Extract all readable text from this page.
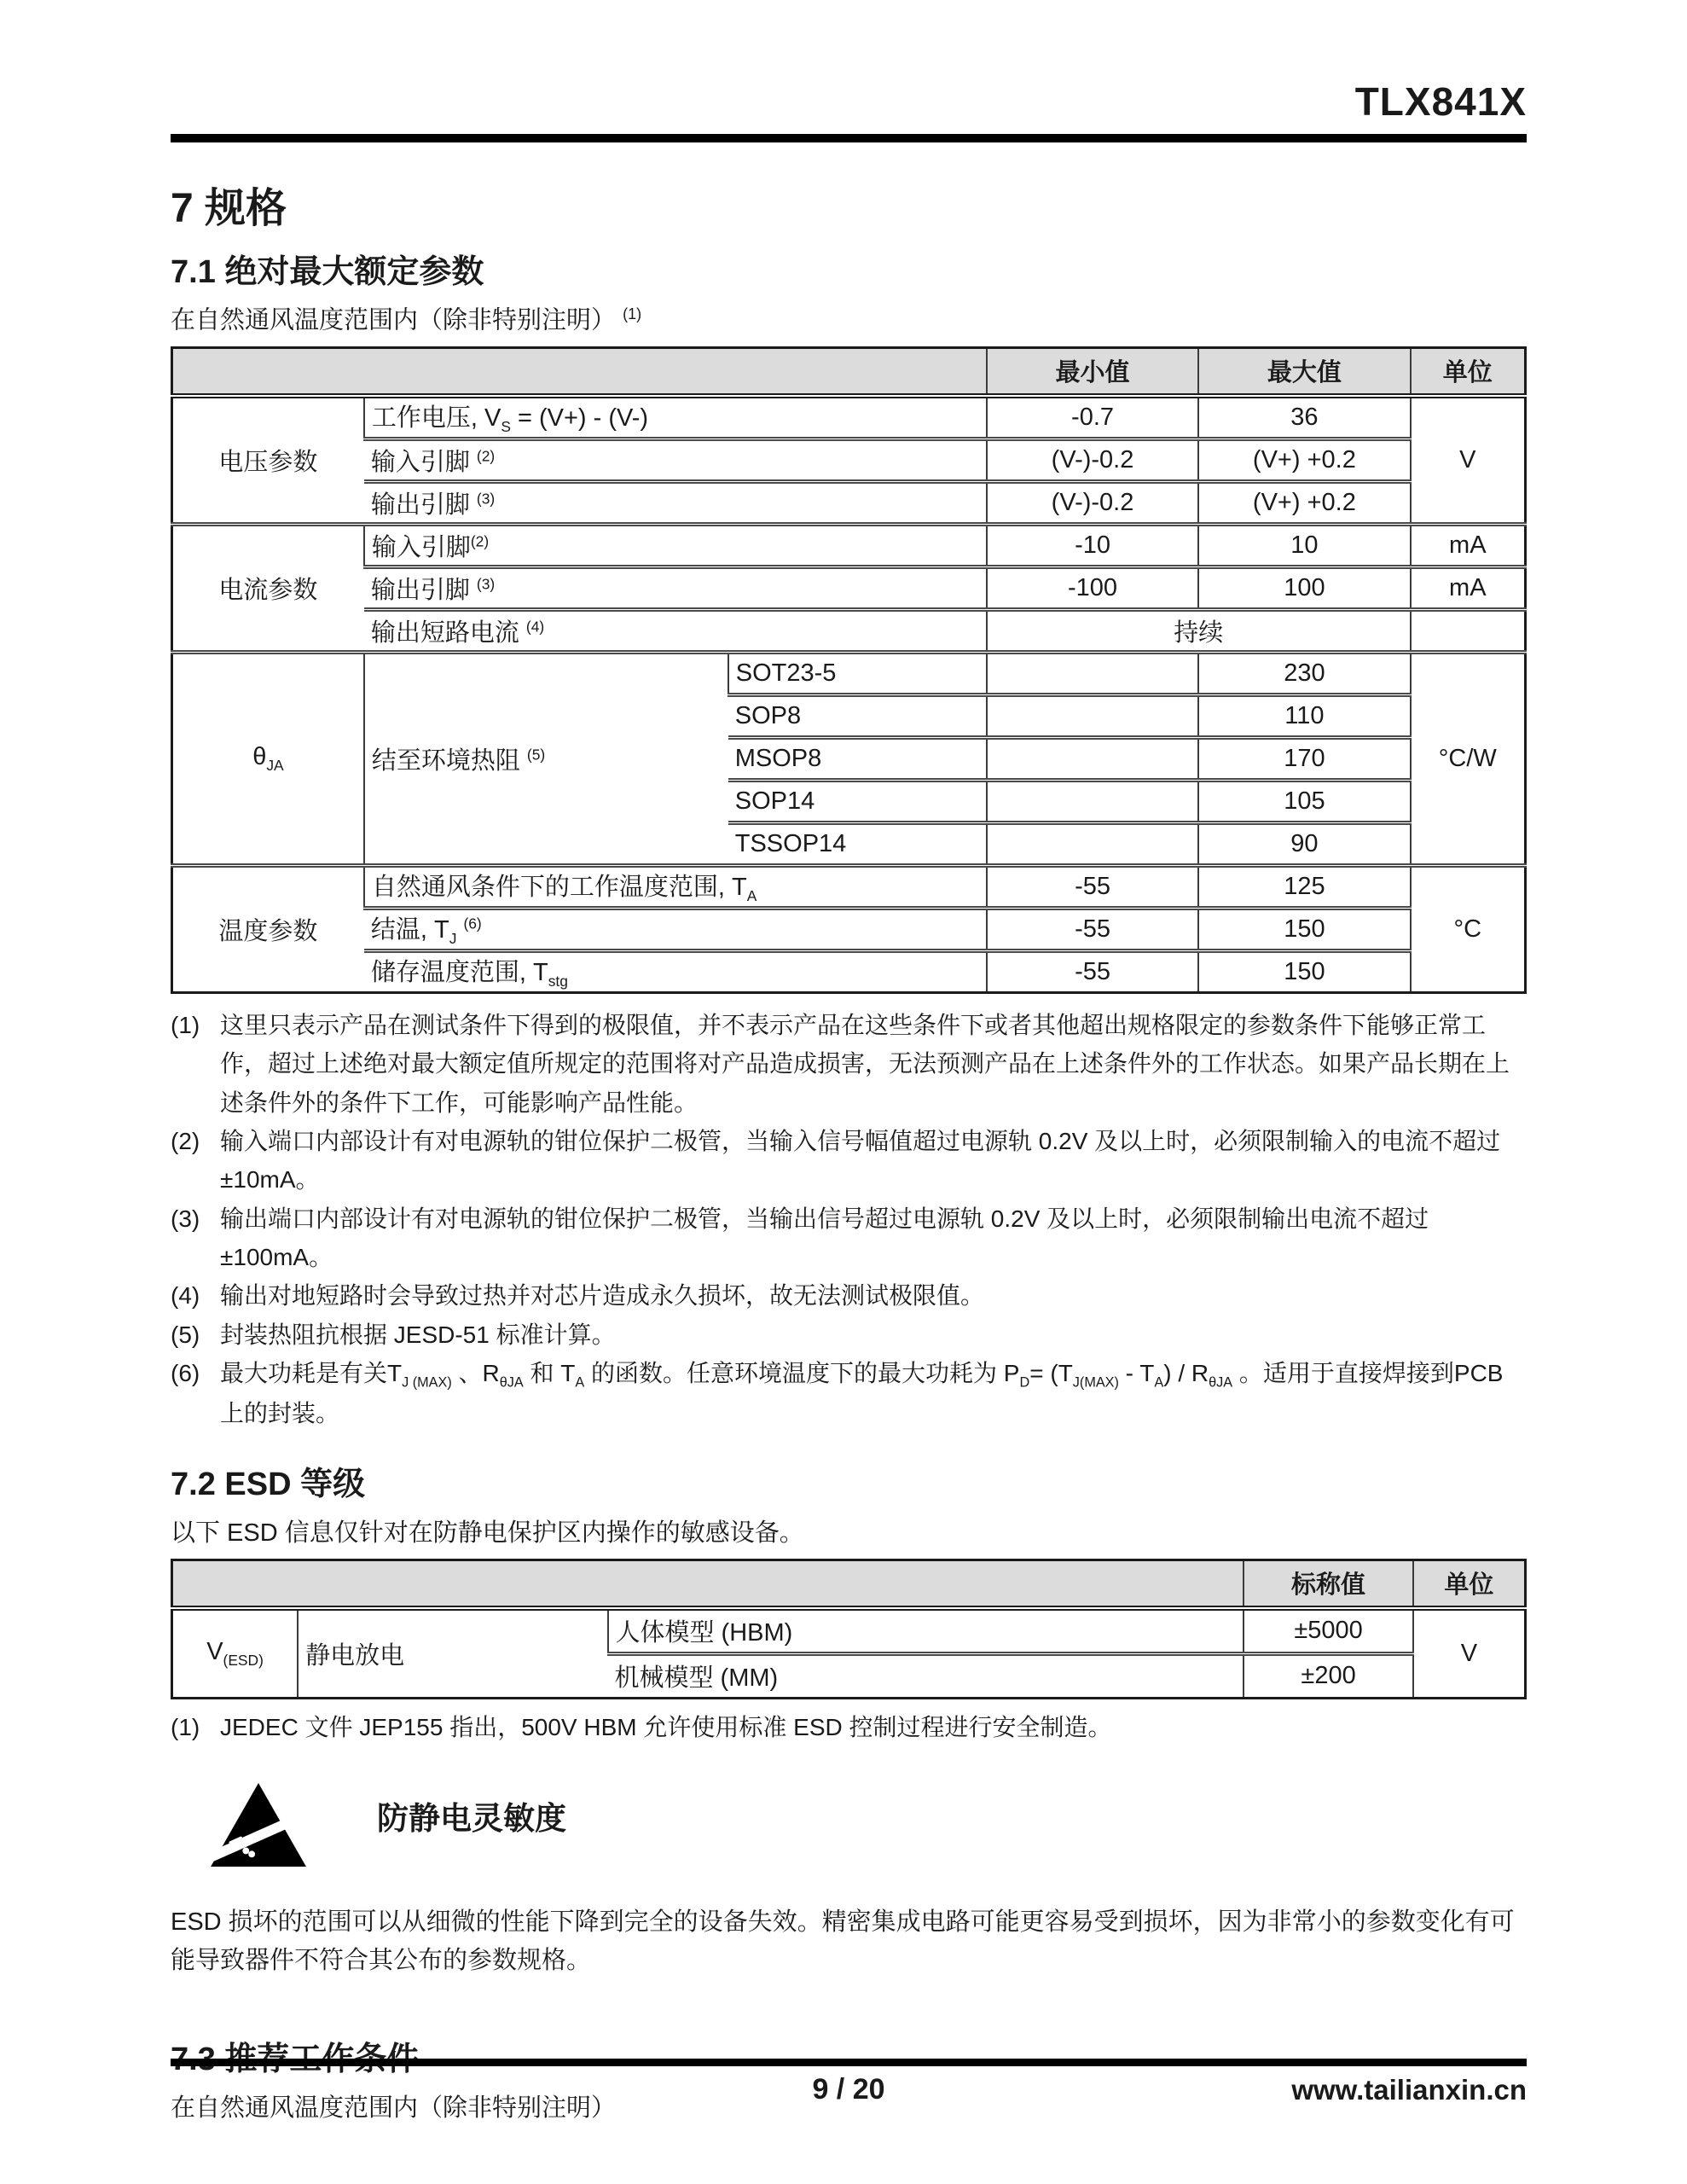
TLX841X
7 规格
7.1 绝对最大额定参数
在自然通风温度范围内（除非特别注明） $^{(1)}$
			最小值	最大值	单位
电压参数	工作电压, $V_S = (V+) - (V-)$		-0.7	36	V
	输入引脚 $^{(2)}$		(V-)-0.2	(V+) +0.2	
	输出引脚 $^{(3)}$		(V-)-0.2	(V+) +0.2	
电流参数	输入引脚$^{(2)}$		-10	10	mA
	输出引脚 $^{(3)}$		-100	100	mA
	输出短路电流 $^{(4)}$		持续		
$\theta_{JA}$	结至环境热阻 $^{(5)}$	SOT23-5		230	°C/W
		SOP8		110	
		MSOP8		170	
		SOP14		105	
		TSSOP14		90	
温度参数	自然通风条件下的工作温度范围, $T_A$		-55	125	°C
	结温, $T_J$ $^{(6)}$		-55	150	
	储存温度范围, $T_{stg}$		-55	150	
(1) 这里只表示产品在测试条件下得到的极限值，并不表示产品在这些条件下或者其他超出规格限定的参数条件下能够正常工作，超过上述绝对最大额定值所规定的范围将对产品造成损害，无法预测产品在上述条件外的工作状态。如果产品长期在上述条件外的条件下工作，可能影响产品性能。
(2) 输入端口内部设计有对电源轨的钳位保护二极管，当输入信号幅值超过电源轨 0.2V 及以上时，必须限制输入的电流不超过 ±10mA。
(3) 输出端口内部设计有对电源轨的钳位保护二极管，当输出信号超过电源轨 0.2V 及以上时，必须限制输出电流不超过 ±100mA。
(4) 输出对地短路时会导致过热并对芯片造成永久损坏，故无法测试极限值。
(5) 封装热阻抗根据 JESD-51 标准计算。
(6) 最大功耗是有关$T_{J (MAX)}$ 、$R_{\theta JA}$ 和 $T_A$ 的函数。任意环境温度下的最大功耗为 $P_D= (T_{J(MAX)} - T_A) / R_{\theta JA}$ 。适用于直接焊接到PCB上的封装。
7.2 ESD 等级
以下 ESD 信息仅针对在防静电保护区内操作的敏感设备。
			标称值	单位
$V_{(ESD)}$	静电放电	人体模型 (HBM)	±5000	V
		机械模型 (MM)	±200	
(1) JEDEC 文件 JEP155 指出，500V HBM 允许使用标准 ESD 控制过程进行安全制造。
防静电灵敏度
ESD 损坏的范围可以从细微的性能下降到完全的设备失效。精密集成电路可能更容易受到损坏，因为非常小的参数变化有可能导致器件不符合其公布的参数规格。
在自然通风温度范围内（除非特别注明）
9 / 20	www.tailianxin.cn
